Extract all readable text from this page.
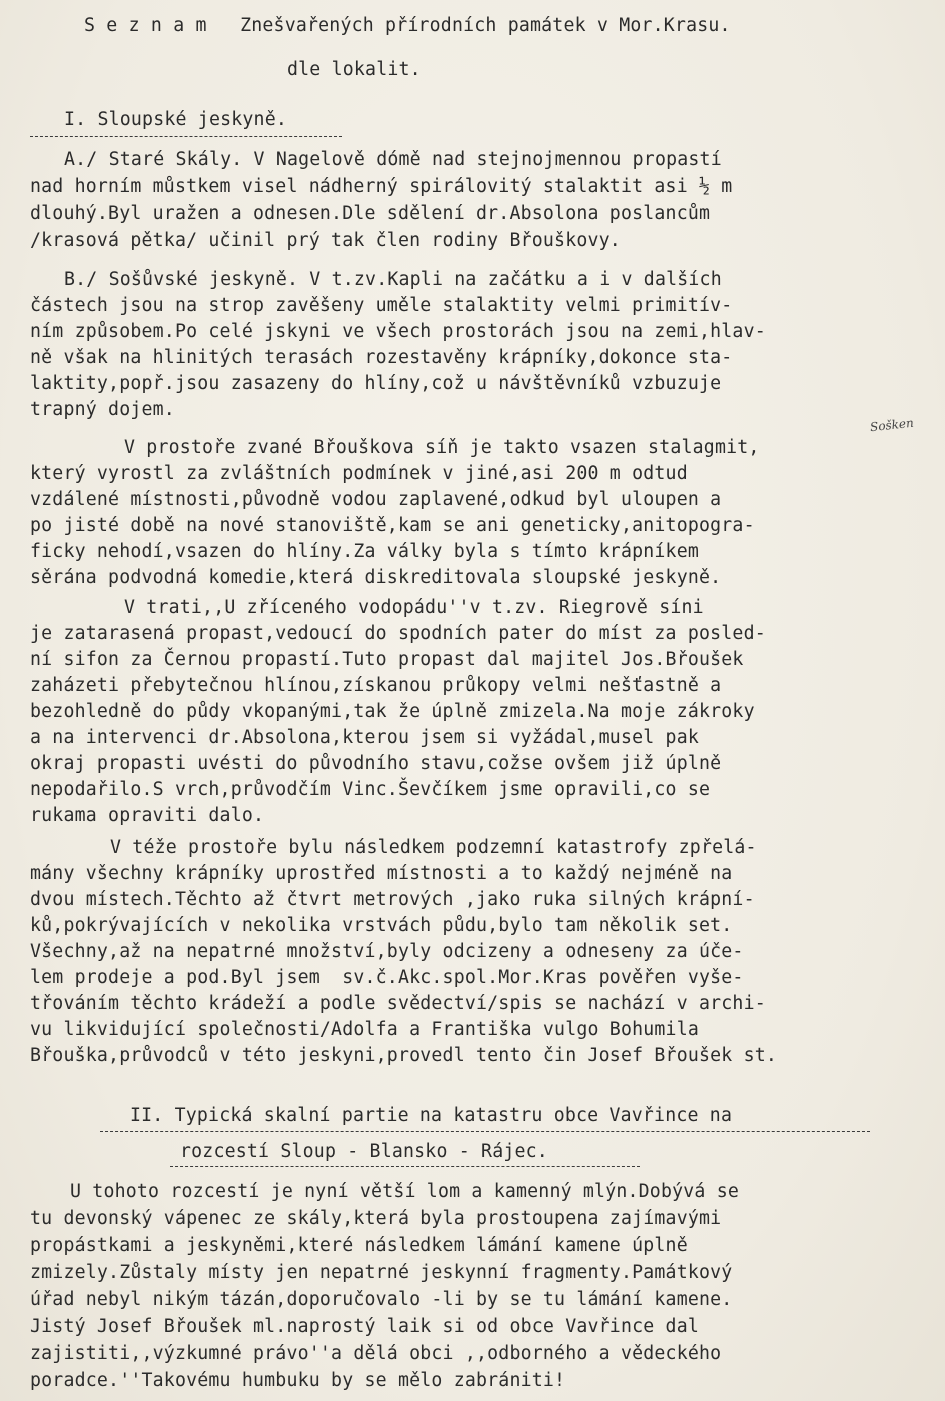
S e z n a m   Znešvařených přírodních památek v Mor.Krasu.
dle lokalit.
I. Sloupské jeskyně.
A./ Staré Skály. V Nagelově dómě nad stejnojmennou propastí
nad horním můstkem visel nádherný spirálovitý stalaktit asi ½ m
dlouhý.Byl uražen a odnesen.Dle sdělení dr.Absolona poslancům
/krasová pětka/ učinil prý tak člen rodiny Břouškovy.
B./ Sošůvské jeskyně. V t.zv.Kapli na začátku a i v dalších
částech jsou na strop zavěšeny uměle stalaktity velmi primitív-
ním způsobem.Po celé jskyni ve všech prostorách jsou na zemi,hlav-
ně však na hlinitých terasách rozestavěny krápníky,dokonce sta-
laktity,popř.jsou zasazeny do hlíny,což u návštěvníků vzbuzuje
trapný dojem.
V prostoře zvané Břouškova síň je takto vsazen stalagmit,
který vyrostl za zvláštních podmínek v jiné,asi 200 m odtud
vzdálené místnosti,původně vodou zaplavené,odkud byl uloupen a
po jisté době na nové stanoviště,kam se ani geneticky,anitopogra-
ficky nehodí,vsazen do hlíny.Za války byla s tímto krápníkem
sěrána podvodná komedie,která diskreditovala sloupské jeskyně.
V trati,,U zříceného vodopádu''v t.zv. Riegrově síni
je zatarasená propast,vedoucí do spodních pater do míst za posled-
ní sifon za Černou propastí.Tuto propast dal majitel Jos.Břoušek
zaházeti přebytečnou hlínou,získanou průkopy velmi nešťastně a
bezohledně do půdy vkopanými,tak že úplně zmizela.Na moje zákroky
a na intervenci dr.Absolona,kterou jsem si vyžádal,musel pak
okraj propasti uvésti do původního stavu,cožse ovšem již úplně
nepodařilo.S vrch,průvodčím Vinc.Ševčíkem jsme opravili,co se
rukama opraviti dalo.
V téže prostoře bylu následkem podzemní katastrofy zpřelá-
mány všechny krápníky uprostřed místnosti a to každý nejméně na
dvou místech.Těchto až čtvrt metrových ,jako ruka silných krápní-
ků,pokrývajících v nekolika vrstvách půdu,bylo tam několik set.
Všechny,až na nepatrné množství,byly odcizeny a odneseny za úče-
lem prodeje a pod.Byl jsem  sv.č.Akc.spol.Mor.Kras pověřen vyše-
třováním těchto krádeží a podle svědectví/spis se nachází v archi-
vu likvidující společnosti/Adolfa a Františka vulgo Bohumila
Břouška,průvodců v této jeskyni,provedl tento čin Josef Břoušek st.
Sošken
II. Typická skalní partie na katastru obce Vavřince na
rozcestí Sloup - Blansko - Rájec.
U tohoto rozcestí je nyní větší lom a kamenný mlýn.Dobývá se
tu devonský vápenec ze skály,která byla prostoupena zajímavými
propástkami a jeskyněmi,které následkem lámání kamene úplně
zmizely.Zůstaly místy jen nepatrné jeskynní fragmenty.Památkový
úřad nebyl nikým tázán,doporučovalo -li by se tu lámání kamene.
Jistý Josef Břoušek ml.naprostý laik si od obce Vavřince dal
zajistiti,,výzkumné právo''a dělá obci ,,odborného a vědeckého
poradce.''Takovému humbuku by se mělo zabrániti!
